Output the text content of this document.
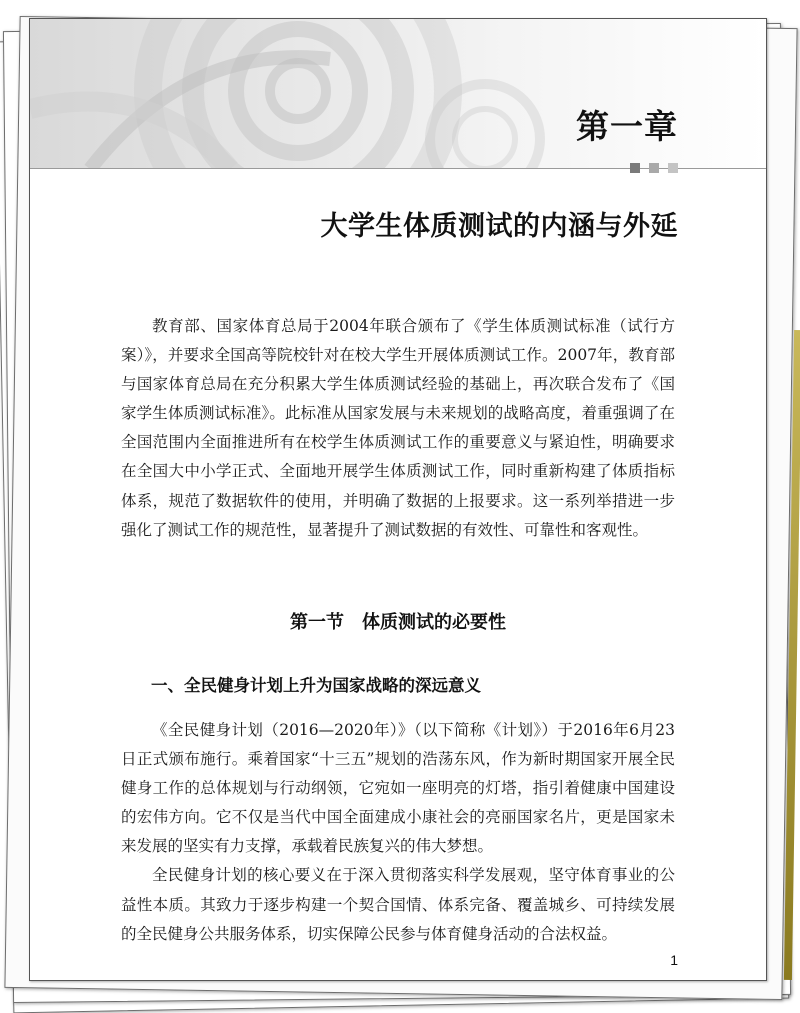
第一章
大学生体质测试的内涵与外延

教育部、国家体育总局于2004年联合颁布了《学生体质测试标准（试行方案）》，并要求全国高等院校针对在校大学生开展体质测试工作。2007年，教育部与国家体育总局在充分积累大学生体质测试经验的基础上，再次联合发布了《国家学生体质测试标准》。此标准从国家发展与未来规划的战略高度，着重强调了在全国范围内全面推进所有在校学生体质测试工作的重要意义与紧迫性，明确要求在全国大中小学正式、全面地开展学生体质测试工作，同时重新构建了体质指标体系，规范了数据软件的使用，并明确了数据的上报要求。这一系列举措进一步强化了测试工作的规范性，显著提升了测试数据的有效性、可靠性和客观性。

第一节　体质测试的必要性
一、全民健身计划上升为国家战略的深远意义

《全民健身计划（2016—2020年）》（以下简称《计划》）于2016年6月23日正式颁布施行。乘着国家“十三五”规划的浩荡东风，作为新时期国家开展全民健身工作的总体规划与行动纲领，它宛如一座明亮的灯塔，指引着健康中国建设的宏伟方向。它不仅是当代中国全面建成小康社会的亮丽国家名片，更是国家未来发展的坚实有力支撑，承载着民族复兴的伟大梦想。

全民健身计划的核心要义在于深入贯彻落实科学发展观，坚守体育事业的公益性本质。其致力于逐步构建一个契合国情、体系完备、覆盖城乡、可持续发展的全民健身公共服务体系，切实保障公民参与体育健身活动的合法权益。

1
